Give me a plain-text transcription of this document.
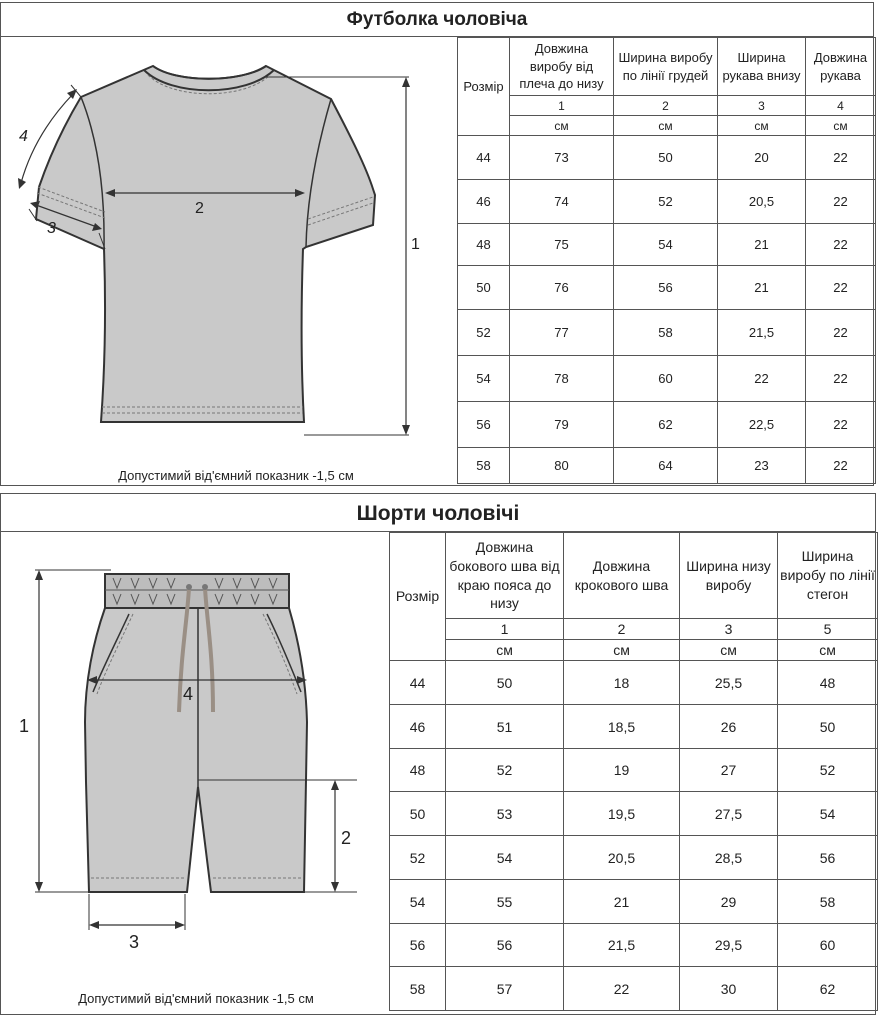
Футболка чоловіча
1
2
3
4
Допустимий від'ємний показник -1,5 см
Розмір	Довжина виробу від плеча до низу	Ширина виробу по лінії грудей	Ширина рукава внизу	Довжина рукава
	1	2	3	4
	см	см	см	см
44	73	50	20	22
46	74	52	20,5	22
48	75	54	21	22
50	76	56	21	22
52	77	58	21,5	22
54	78	60	22	22
56	79	62	22,5	22
58	80	64	23	22
Шорти чоловічі
1
2
3
4
Допустимий від'ємний показник -1,5 см
Розмір	Довжина бокового шва від краю пояса до низу	Довжина крокового шва	Ширина низу виробу	Ширина виробу по лінії стегон
	1	2	3	5
	см	см	см	см
44	50	18	25,5	48
46	51	18,5	26	50
48	52	19	27	52
50	53	19,5	27,5	54
52	54	20,5	28,5	56
54	55	21	29	58
56	56	21,5	29,5	60
58	57	22	30	62
